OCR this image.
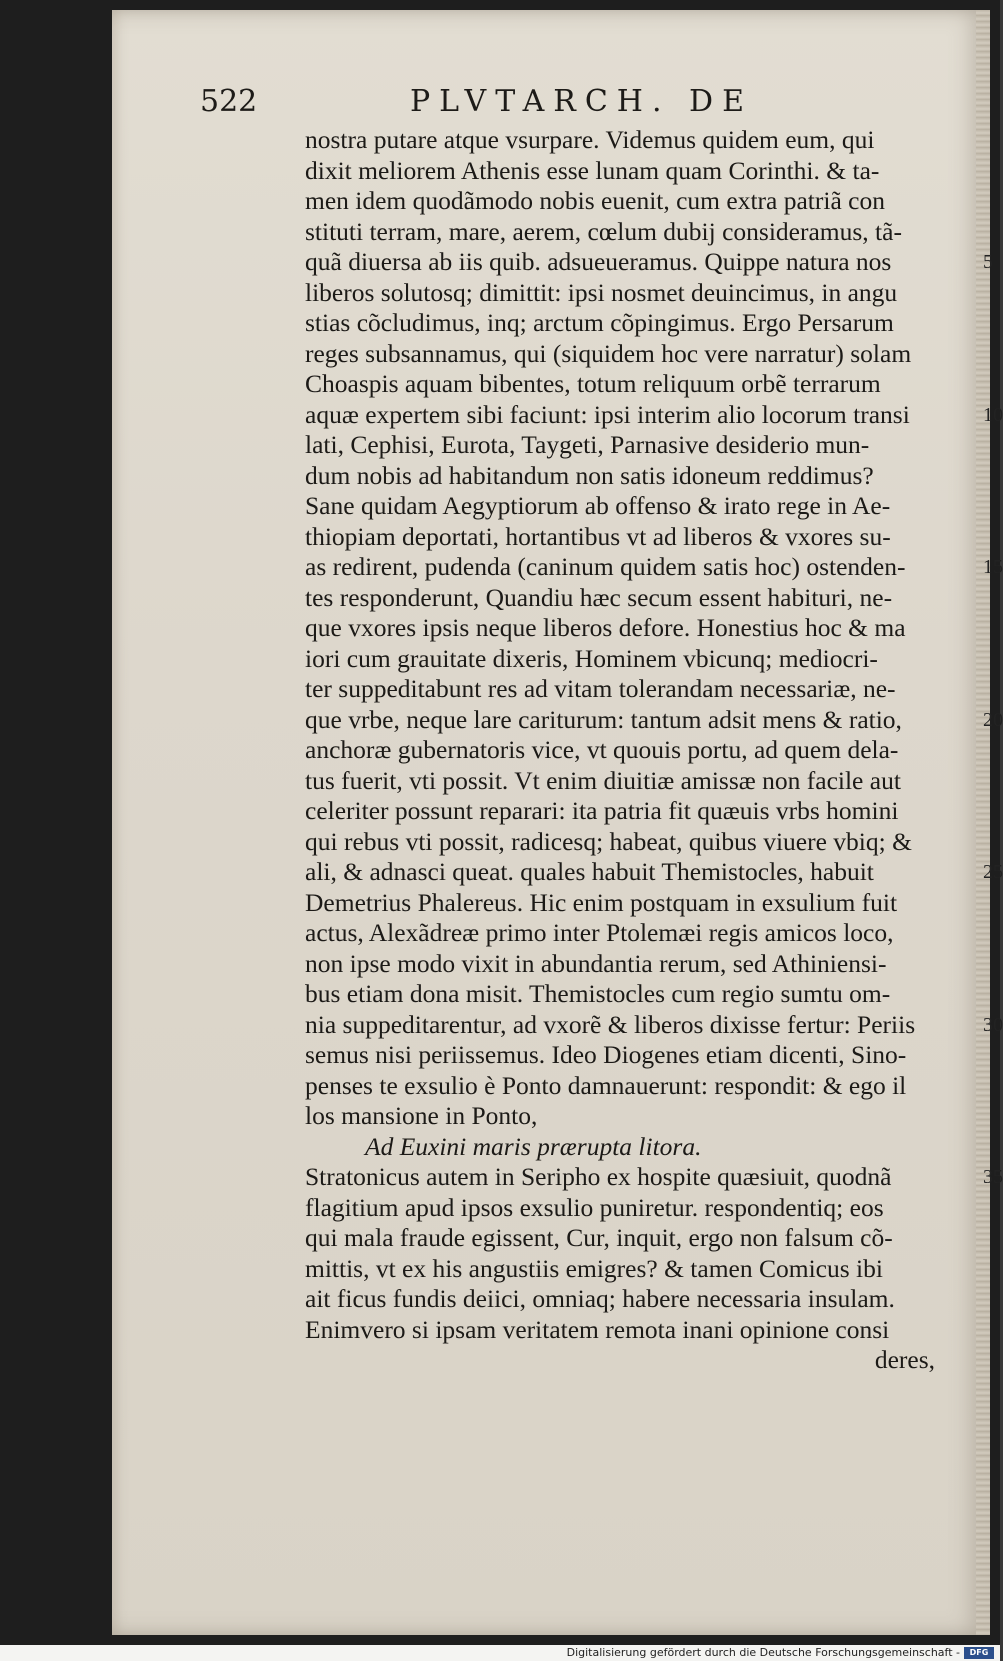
522	PLVTARCH. DE
nostra putare atque vsurpare. Videmus quidem eum, qui
dixit meliorem Athenis esse lunam quam Corinthi. & ta-
men idem quodãmodo nobis euenit, cum extra patriã con
stituti terram, mare, aerem, cœlum dubij consideramus, tã-
quã diuersa ab iis quib. adsueueramus. Quippe natura nos	5
liberos solutosq; dimittit: ipsi nosmet deuincimus, in angu
stias cõcludimus, inq; arctum cõpingimus. Ergo Persarum
reges subsannamus, qui (siquidem hoc vere narratur) solam
Choaspis aquam bibentes, totum reliquum orbẽ terrarum
aquæ expertem sibi faciunt: ipsi interim alio locorum transi	10
lati, Cephisi, Eurota, Taygeti, Parnasive desiderio mun-
dum nobis ad habitandum non satis idoneum reddimus?
Sane quidam Aegyptiorum ab offenso & irato rege in Ae-
thiopiam deportati, hortantibus vt ad liberos & vxores su-
as redirent, pudenda (caninum quidem satis hoc) ostenden-	15
tes responderunt, Quandiu hæc secum essent habituri, ne-
que vxores ipsis neque liberos defore. Honestius hoc & ma
iori cum grauitate dixeris, Hominem vbicunq; mediocri-
ter suppeditabunt res ad vitam tolerandam necessariæ, ne-
que vrbe, neque lare cariturum: tantum adsit mens & ratio,	20
anchoræ gubernatoris vice, vt quouis portu, ad quem dela-
tus fuerit, vti possit. Vt enim diuitiæ amissæ non facile aut
celeriter possunt reparari: ita patria fit quæuis vrbs homini
qui rebus vti possit, radicesq; habeat, quibus viuere vbiq; &
ali, & adnasci queat. quales habuit Themistocles, habuit	25
Demetrius Phalereus. Hic enim postquam in exsulium fuit
actus, Alexãdreæ primo inter Ptolemæi regis amicos loco,
non ipse modo vixit in abundantia rerum, sed Athiniensi-
bus etiam dona misit. Themistocles cum regio sumtu om-
nia suppeditarentur, ad vxorẽ & liberos dixisse fertur: Periis	30
semus nisi periissemus. Ideo Diogenes etiam dicenti, Sino-
penses te exsulio è Ponto damnauerunt: respondit: & ego il
los mansione in Ponto,
Ad Euxini maris prærupta litora.
Stratonicus autem in Seripho ex hospite quæsiuit, quodnã	35
flagitium apud ipsos exsulio puniretur. respondentiq; eos
qui mala fraude egissent, Cur, inquit, ergo non falsum cõ-
mittis, vt ex his angustiis emigres? & tamen Comicus ibi
ait ficus fundis deiici, omniaq; habere necessaria insulam.
Enimvero si ipsam veritatem remota inani opinione consi
deres,
Digitalisierung gefördert durch die Deutsche Forschungsgemeinschaft -	DFG
